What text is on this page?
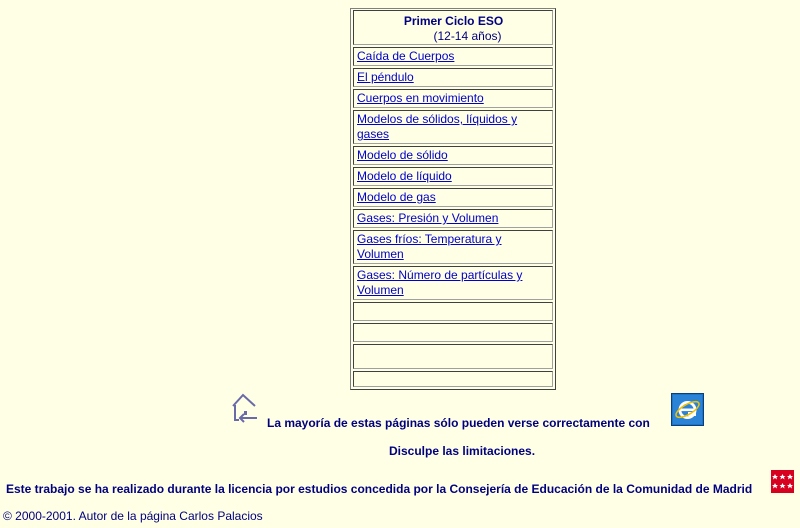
Primer Ciclo ESO
(12-14 años)
Caída de Cuerpos
El péndulo
Cuerpos en movimiento
Modelos de sólidos, líquidos y gases
Modelo de sólido
Modelo de líquido
Modelo de gas
Gases: Presión y Volumen
Gases fríos: Temperatura y Volumen
Gases: Número de partículas y Volumen
La mayoría de estas páginas sólo pueden verse correctamente con
Disculpe las limitaciones.
Este trabajo se ha realizado durante la licencia por estudios concedida por la Consejería de Educación de la Comunidad de Madrid
© 2000-2001. Autor de la página Carlos Palacios
